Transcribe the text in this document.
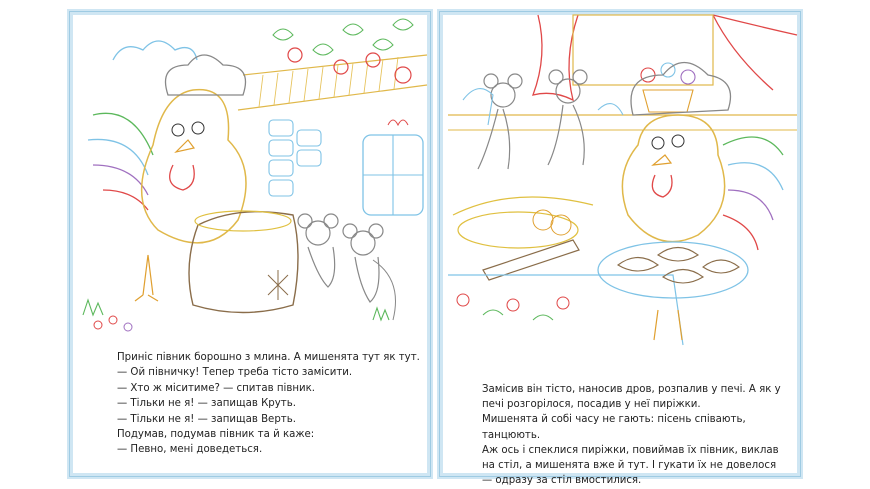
Приніс півник борошно з млина. А мишенята тут як тут.
— Ой півничку! Тепер треба тісто замісити.
— Хто ж місити​ме? — спитав півник.
— Тільки не я! — запищав Круть.
— Тільки не я! — запищав Верть.
Подумав, подумав півник та й каже:
— Певно, мені доведеться.
Замісив він тісто, наносив дров, розпалив у печі. А як у печі розгорілося, посадив у неї пиріжки.
Мишенята й собі часу не гають: пісень співають, танцюють.
Аж ось і спеклися пиріжки, повиймав їх півник, виклав на стіл, а мишенята вже й тут. І гукати їх не довелося — одразу за стіл вмостилися.
